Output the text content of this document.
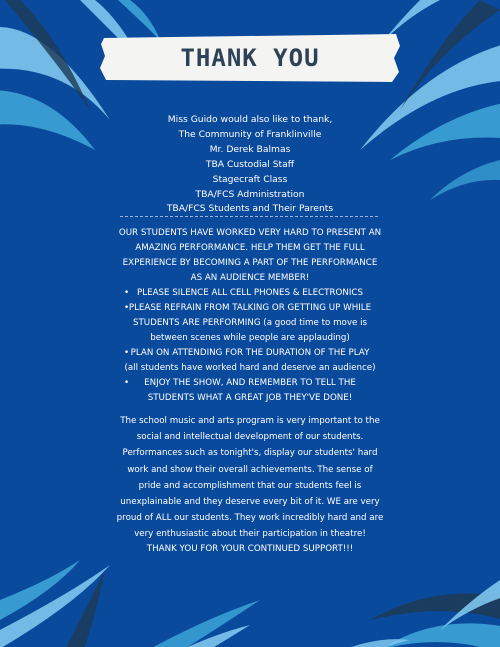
THANK YOU
Miss Guido would also like to thank,
The Community of Franklinville
Mr. Derek Balmas
TBA Custodial Staff
Stagecraft Class
TBA/FCS Administration
TBA/FCS Students and Their Parents
OUR STUDENTS HAVE WORKED VERY HARD TO PRESENT AN
AMAZING PERFORMANCE. HELP THEM GET THE FULL
EXPERIENCE BY BECOMING A PART OF THE PERFORMANCE
AS AN AUDIENCE MEMBER!
• PLEASE SILENCE ALL CELL PHONES & ELECTRONICS
• PLEASE REFRAIN FROM TALKING OR GETTING UP WHILE
STUDENTS ARE PERFORMING (a good time to move is
between scenes while people are applauding)
• PLAN ON ATTENDING FOR THE DURATION OF THE PLAY
(all students have worked hard and deserve an audience)
•	ENJOY THE SHOW, AND REMEMBER TO TELL THE
STUDENTS WHAT A GREAT JOB THEY'VE DONE!
The school music and arts program is very important to the
social and intellectual development of our students.
Performances such as tonight's, display our students' hard
work and show their overall achievements. The sense of
pride and accomplishment that our students feel is
unexplainable and they deserve every bit of it. WE are very
proud of ALL our students. They work incredibly hard and are
very enthusiastic about their participation in theatre!
THANK YOU FOR YOUR CONTINUED SUPPORT!!!
